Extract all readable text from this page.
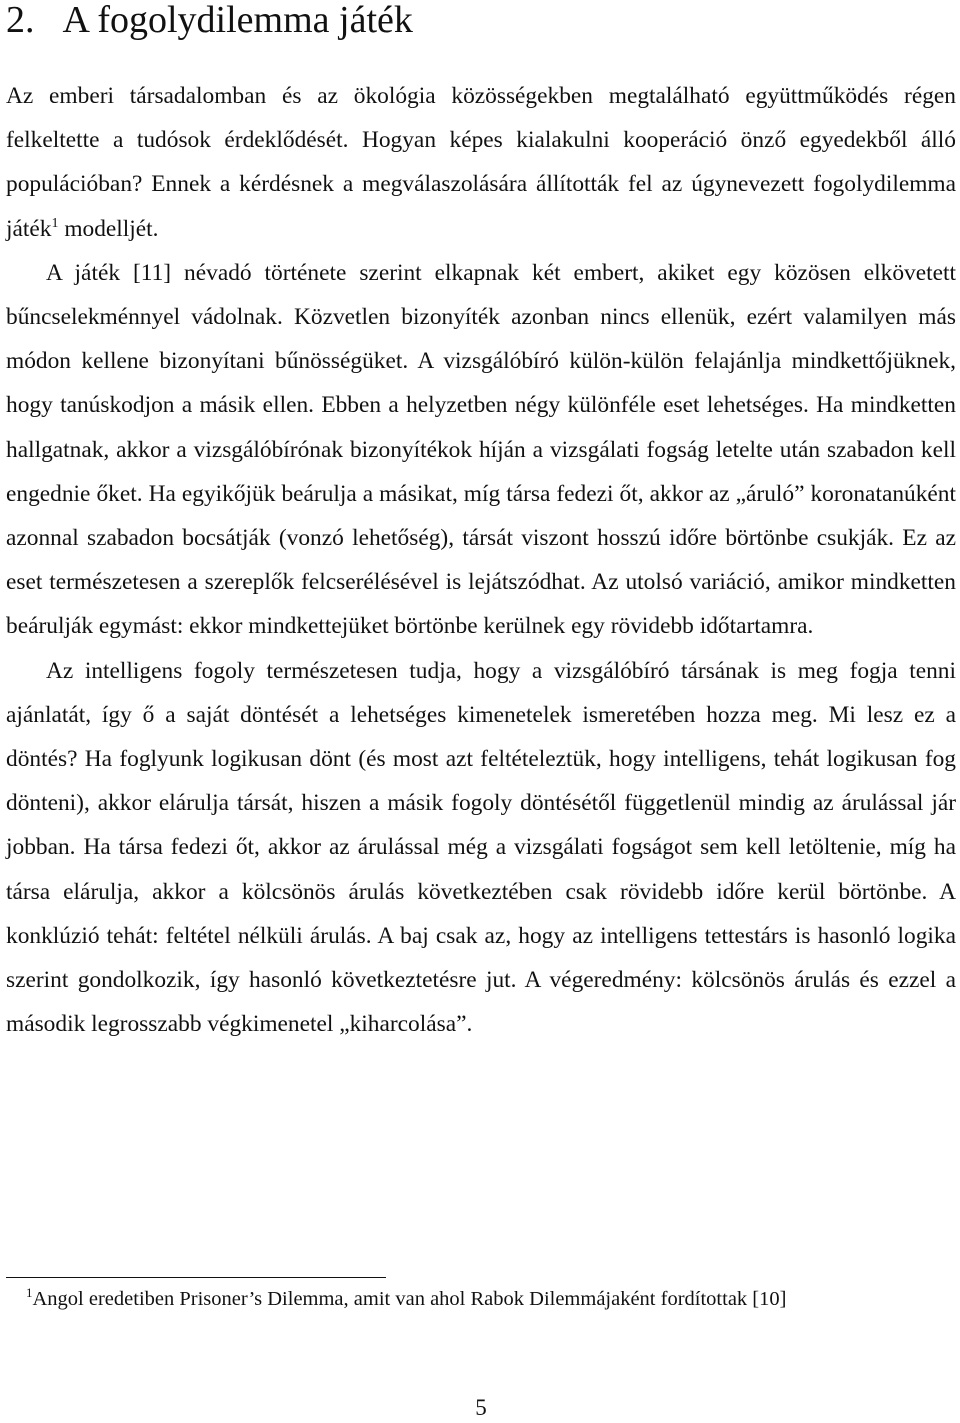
2. A fogolydilemma játék

Az emberi társadalomban és az ökológia közösségekben megtalálható együttműködés régen felkeltette a tudósok érdeklődését. Hogyan képes kialakulni kooperáció önző egyedekből álló populációban? Ennek a kérdésnek a megválaszolására állították fel az úgynevezett fogolydilemma játék$^1$ modelljét.

A játék [11] névadó története szerint elkapnak két embert, akiket egy közösen elkövetett bűncselekménnyel vádolnak. Közvetlen bizonyíték azonban nincs ellenük, ezért valamilyen más módon kellene bizonyítani bűnösségüket. A vizsgálóbíró külön-külön felajánlja mindkettőjüknek, hogy tanúskodjon a másik ellen. Ebben a helyzetben négy különféle eset lehetséges. Ha mindketten hallgatnak, akkor a vizsgálóbírónak bizonyítékok híján a vizsgálati fogság letelte után szabadon kell engednie őket. Ha egyikőjük beárulja a másikat, míg társa fedezi őt, akkor az „áruló” koronatanúként azonnal szabadon bocsátják (vonzó lehetőség), társát viszont hosszú időre börtönbe csukják. Ez az eset természetesen a szereplők felcserélésével is lejátszódhat. Az utolsó variáció, amikor mindketten beárulják egymást: ekkor mindkettejüket börtönbe kerülnek egy rövidebb időtartamra.

Az intelligens fogoly természetesen tudja, hogy a vizsgálóbíró társának is meg fogja tenni ajánlatát, így ő a saját döntését a lehetséges kimenetelek ismeretében hozza meg. Mi lesz ez a döntés? Ha foglyunk logikusan dönt (és most azt feltételeztük, hogy intelligens, tehát logikusan fog dönteni), akkor elárulja társát, hiszen a másik fogoly döntésétől függetlenül mindig az árulással jár jobban. Ha társa fedezi őt, akkor az árulással még a vizsgálati fogságot sem kell letöltenie, míg ha társa elárulja, akkor a kölcsönös árulás következtében csak rövidebb időre kerül börtönbe. A konklúzió tehát: feltétel nélküli árulás. A baj csak az, hogy az intelligens tettestárs is hasonló logika szerint gondolkozik, így hasonló következtetésre jut. A végeredmény: kölcsönös árulás és ezzel a második legrosszabb végkimenetel „kiharcolása”.

$^1$Angol eredetiben Prisoner’s Dilemma, amit van ahol Rabok Dilemmájaként fordítottak [10]
5
